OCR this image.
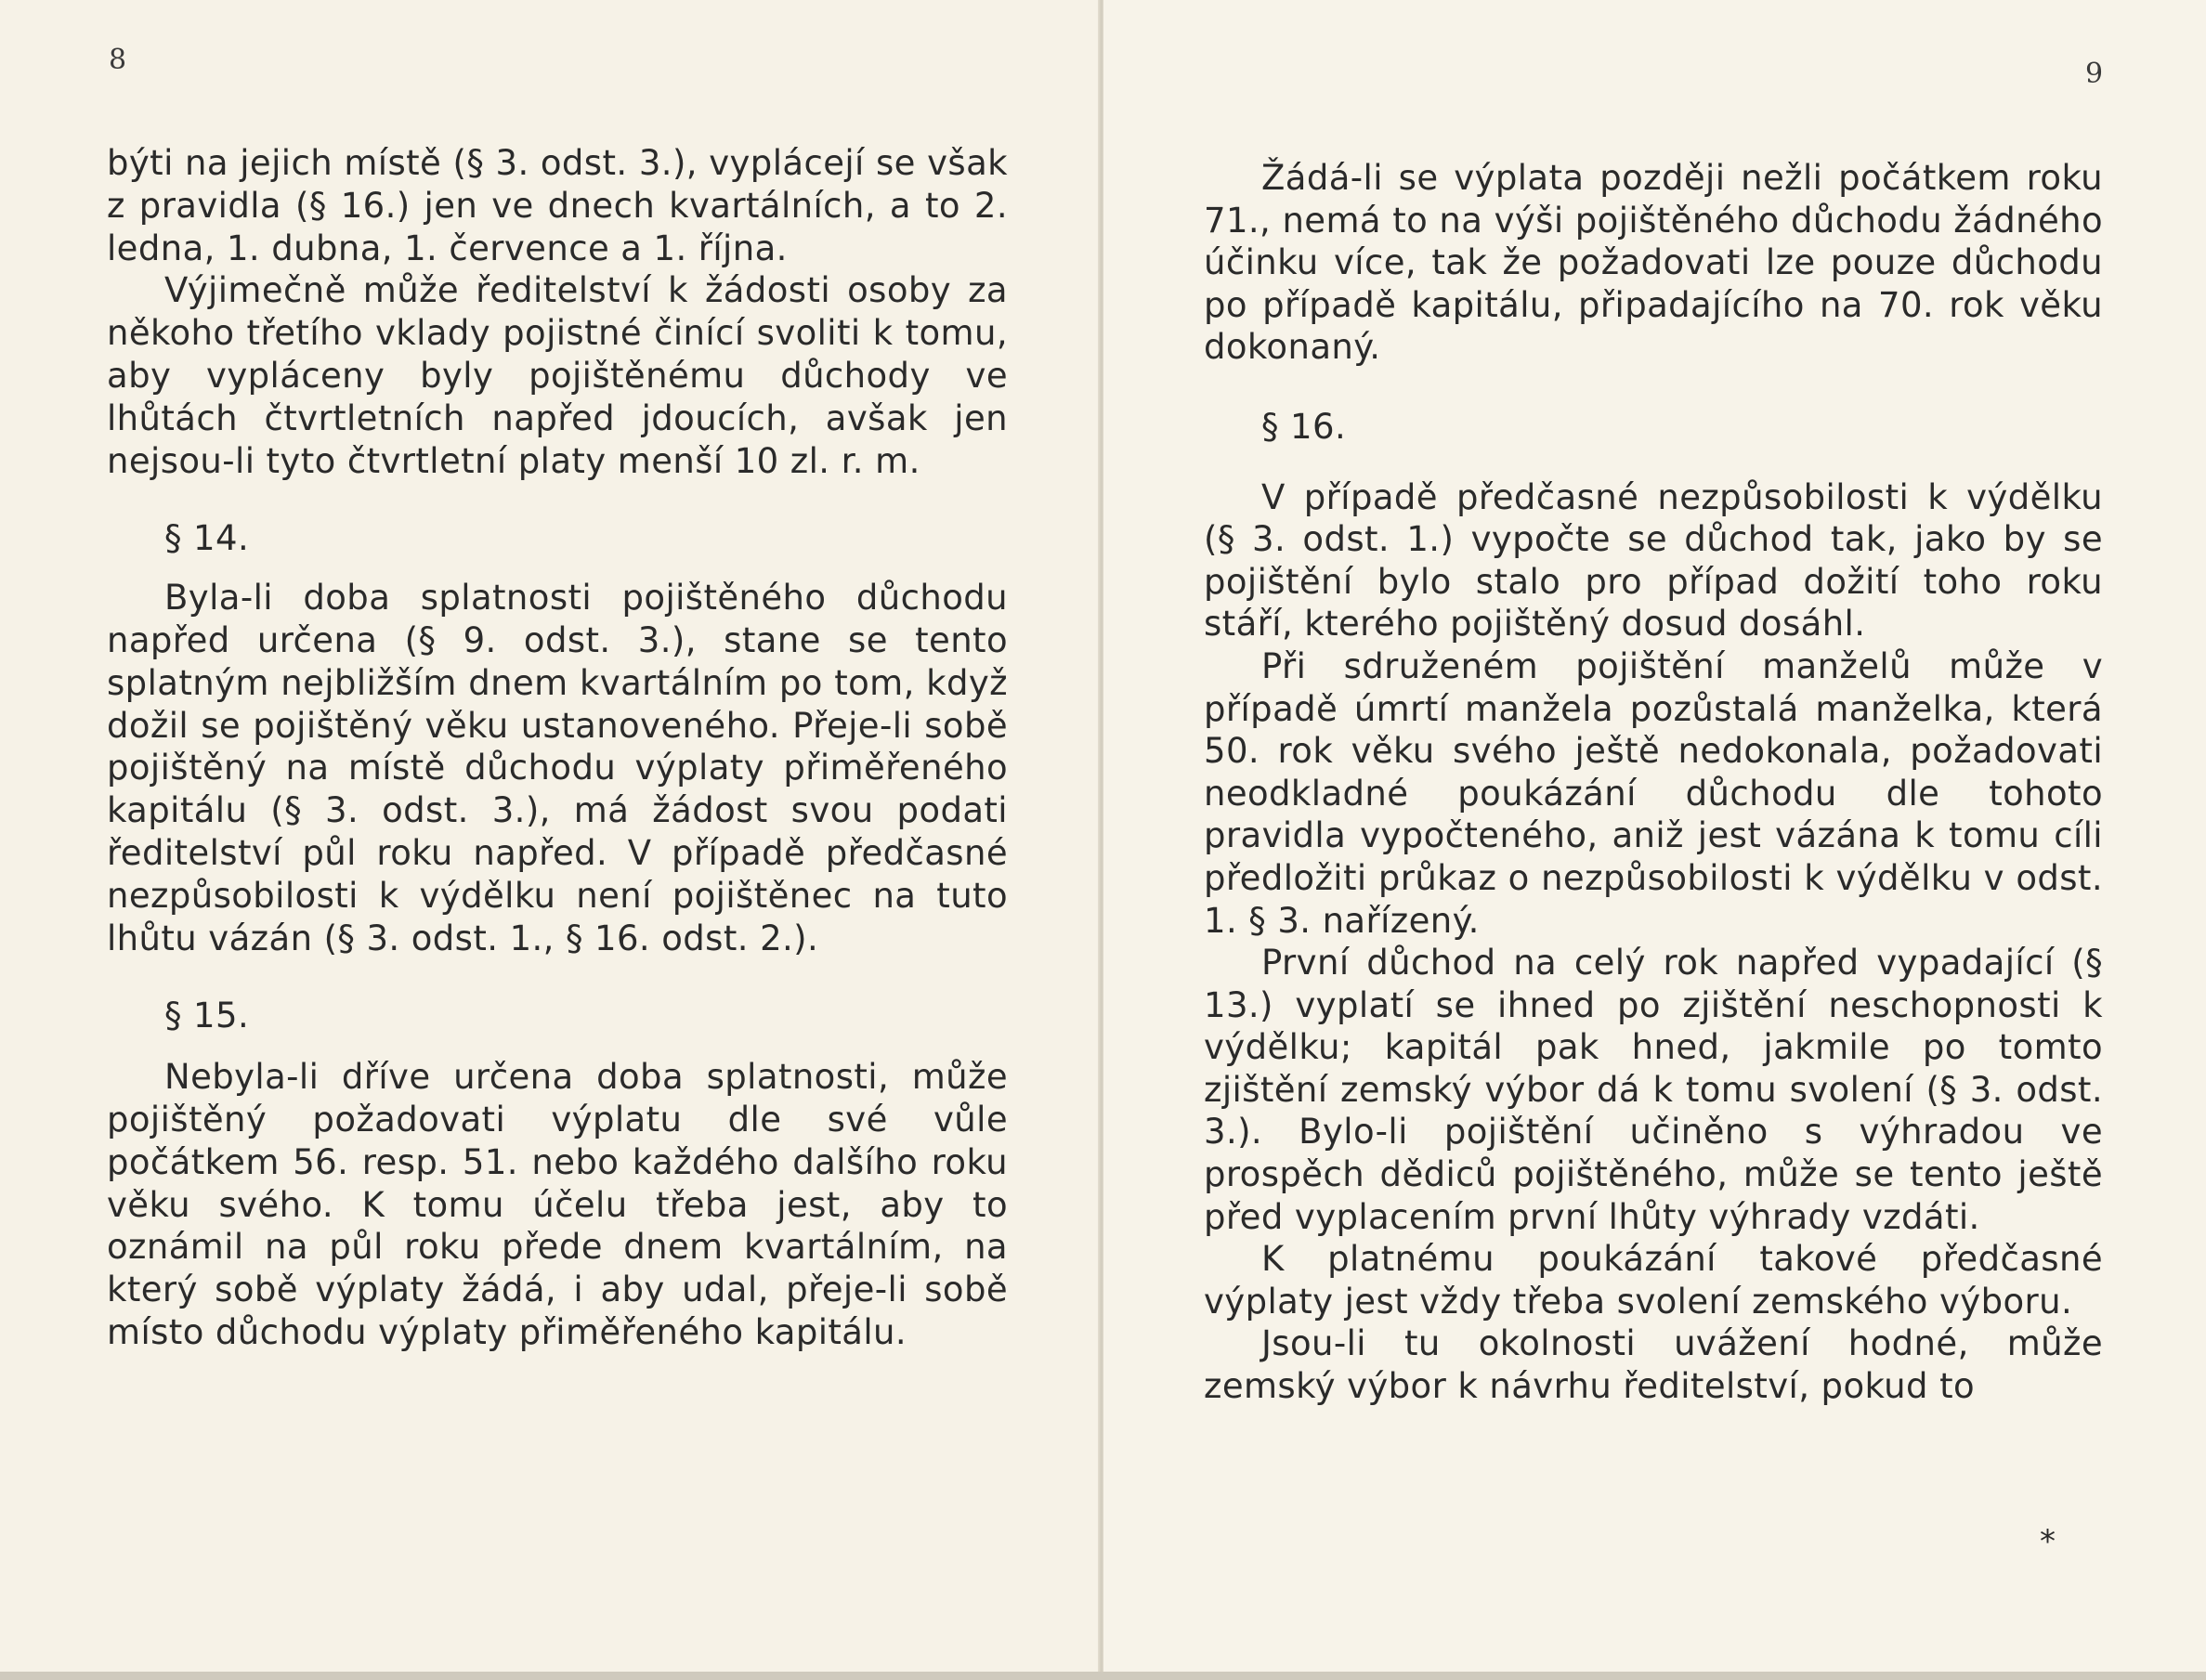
8

býti na jejich místě (§ 3. odst. 3.), vyplácejí se však z pravidla (§ 16.) jen ve dnech kvartálních, a to 2. ledna, 1. dubna, 1. července a 1. října.

Výjimečně může ředitelství k žádosti osoby za někoho třetího vklady pojistné činící svoliti k tomu, aby vypláceny byly pojištěnému důchody ve lhůtách čtvrtletních napřed jdoucích, avšak jen nejsou-li tyto čtvrtletní platy menší 10 zl. r. m.

§ 14.

Byla-li doba splatnosti pojištěného důchodu napřed určena (§ 9. odst. 3.), stane se tento splatným nejbližším dnem kvartálním po tom, když dožil se pojištěný věku ustanoveného. Přeje-li sobě pojištěný na místě důchodu výplaty přiměřeného kapitálu (§ 3. odst. 3.), má žádost svou podati ředitelství půl roku napřed. V případě předčasné nezpůsobilosti k výdělku není pojištěnec na tuto lhůtu vázán (§ 3. odst. 1., § 16. odst. 2.).

§ 15.

Nebyla-li dříve určena doba splatnosti, může pojištěný požadovati výplatu dle své vůle počátkem 56. resp. 51. nebo každého dalšího roku věku svého. K tomu účelu třeba jest, aby to oznámil na půl roku přede dnem kvartálním, na který sobě výplaty žádá, i aby udal, přeje-li sobě místo důchodu výplaty přiměřeného kapitálu.

Žádá-li se výplata později nežli počátkem roku 71., nemá to na výši pojištěného důchodu žádného účinku více, tak že požadovati lze pouze důchodu po případě kapitálu, připadajícího na 70. rok věku dokonaný.

§ 16.

V případě předčasné nezpůsobilosti k výdělku (§ 3. odst. 1.) vypočte se důchod tak, jako by se pojištění bylo stalo pro případ dožití toho roku stáří, kterého pojištěný dosud dosáhl.

Při sdruženém pojištění manželů může v případě úmrtí manžela pozůstalá manželka, která 50. rok věku svého ještě nedokonala, požadovati neodkladné poukázání důchodu dle tohoto pravidla vypočteného, aniž jest vázána k tomu cíli předložiti průkaz o nezpůsobilosti k výdělku v odst. 1. § 3. nařízený.

První důchod na celý rok napřed vypadající (§ 13.) vyplatí se ihned po zjištění neschopnosti k výdělku; kapitál pak hned, jakmile po tomto zjištění zemský výbor dá k tomu svolení (§ 3. odst. 3.). Bylo-li pojištění učiněno s výhradou ve prospěch dědiců pojištěného, může se tento ještě před vyplacením první lhůty výhrady vzdáti.

K platnému poukázání takové předčasné výplaty jest vždy třeba svolení zemského výboru.

Jsou-li tu okolnosti uvážení hodné, může zemský výbor k návrhu ředitelství, pokud to

9
*
